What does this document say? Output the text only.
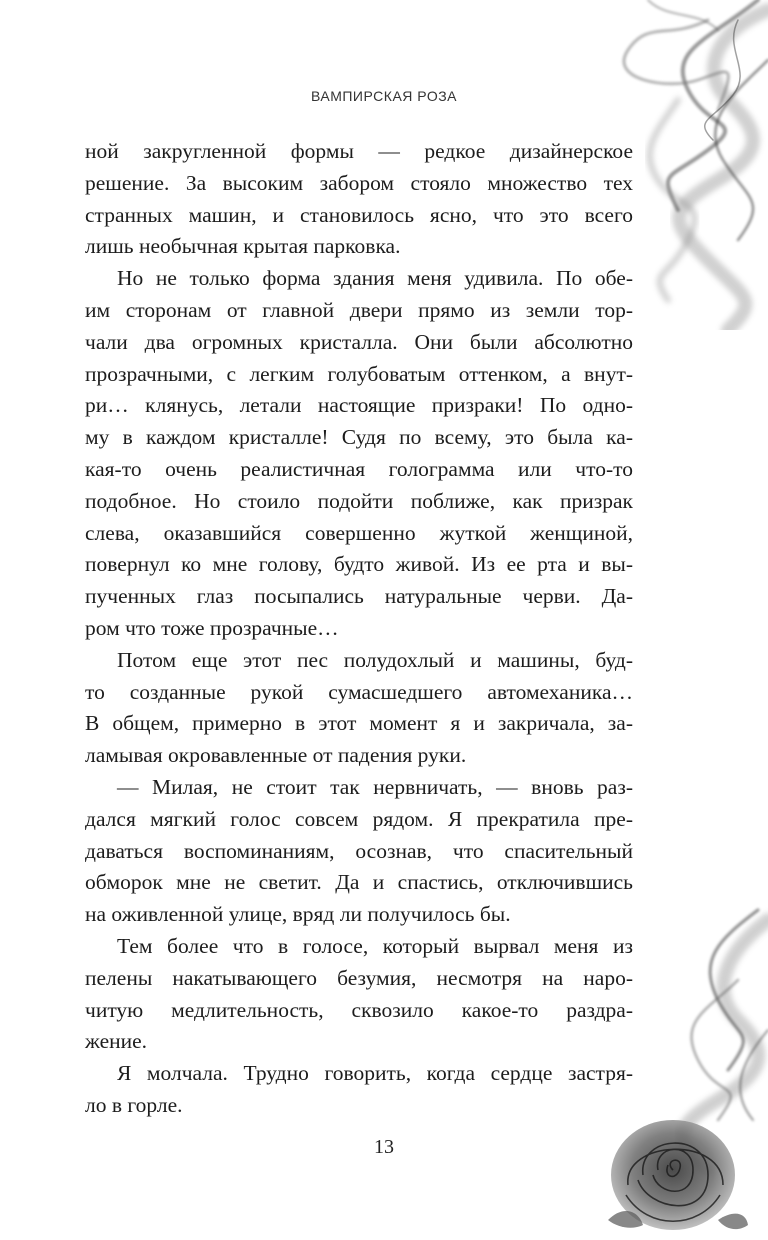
ВАМПИРСКАЯ РОЗА

ной закругленной формы — редкое дизайнерское
решение. За высоким забором стояло множество тех
странных машин, и становилось ясно, что это всего
лишь необычная крытая парковка.

Но не только форма здания меня удивила. По обе-
им сторонам от главной двери прямо из земли тор-
чали два огромных кристалла. Они были абсолютно
прозрачными, с легким голубоватым оттенком, а внут-
ри… клянусь, летали настоящие призраки! По одно-
му в каждом кристалле! Судя по всему, это была ка-
кая-то очень реалистичная голограмма или что-то
подобное. Но стоило подойти поближе, как призрак
слева, оказавшийся совершенно жуткой женщиной,
повернул ко мне голову, будто живой. Из ее рта и вы-
пученных глаз посыпались натуральные черви. Да-
ром что тоже прозрачные…

Потом еще этот пес полудохлый и машины, буд-
то созданные рукой сумасшедшего автомеханика…
В общем, примерно в этот момент я и закричала, за-
ламывая окровавленные от падения руки.

— Милая, не стоит так нервничать, — вновь раз-
дался мягкий голос совсем рядом. Я прекратила пре-
даваться воспоминаниям, осознав, что спасительный
обморок мне не светит. Да и спастись, отключившись
на оживленной улице, вряд ли получилось бы.

Тем более что в голосе, который вырвал меня из
пелены накатывающего безумия, несмотря на наро-
читую медлительность, сквозило какое-то раздра-
жение.

Я молчала. Трудно говорить, когда сердце застря-
ло в горле.

13
